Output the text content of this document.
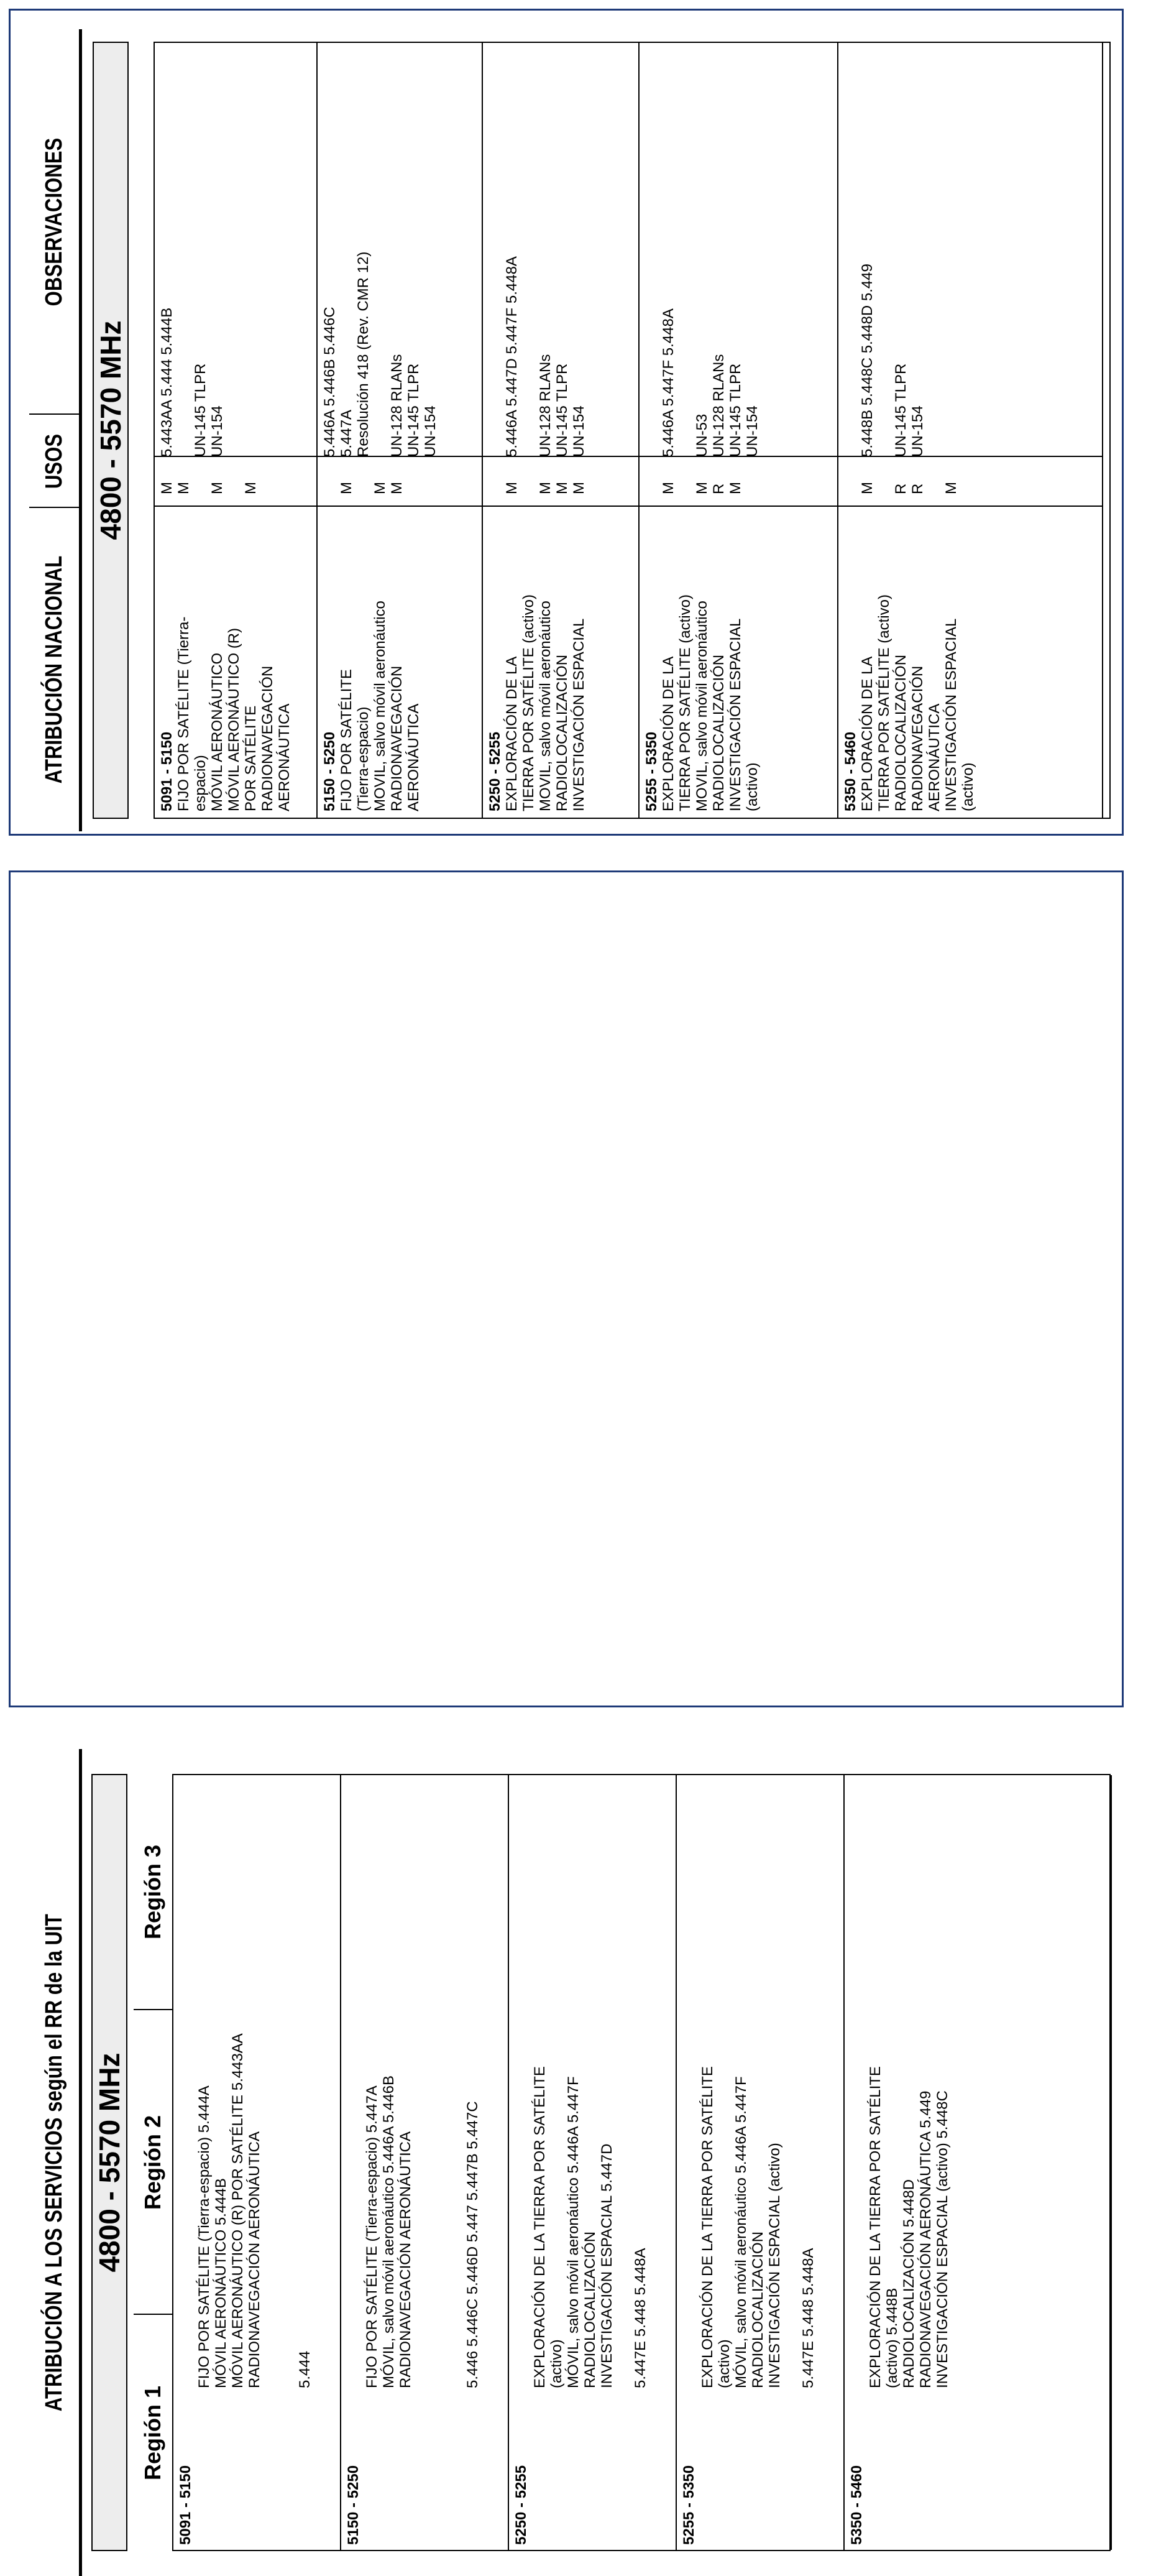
ATRIBUCIÓN NACIONAL
USOS
OBSERVACIONES
4800 - 5570 MHz
5091 - 5150 FIJO POR SATÉLITE (Tierra- espacio) MÓVIL AERONÁUTICO MÓVIL AERONÁUTICO (R) POR SATÉLITE RADIONAVEGACIÓN AERONÁUTICA
M M M M
5.443AA 5.444 5.444B UN-145 TLPR UN-154
5150 - 5250 FIJO POR SATÉLITE (Tierra-espacio) MOVIL, salvo móvil aeronáutico RADIONAVEGACIÓN AERONÁUTICA
M M M
5.446A 5.446B 5.446C 5.447A Resolución 418 (Rev. CMR 12) UN-128 RLANs UN-145 TLPR UN-154
5250 - 5255 EXPLORACIÓN DE LA TIERRA POR SATÉLITE (activo) MOVIL, salvo móvil aeronáutico RADIOLOCALIZACIÓN INVESTIGACIÓN ESPACIAL
M M M M
5.446A 5.447D 5.447F 5.448A UN-128 RLANs UN-145 TLPR UN-154
5255 - 5350 EXPLORACIÓN DE LA TIERRA POR SATÉLITE (activo) MOVIL, salvo móvil aeronáutico RADIOLOCALIZACIÓN INVESTIGACIÓN ESPACIAL (activo)
M M R M
5.446A 5.447F 5.448A UN-53 UN-128 RLANs UN-145 TLPR UN-154
5350 - 5460 EXPLORACIÓN DE LA TIERRA POR SATÉLITE (activo) RADIOLOCALIZACIÓN RADIONAVEGACIÓN AERONÁUTICA INVESTIGACIÓN ESPACIAL (activo)
M R R M
5.448B 5.448C 5.448D 5.449 UN-145 TLPR UN-154
ATRIBUCIÓN A LOS SERVICIOS según el RR de la UIT 4800 - 5570 MHz
Región 1
Región 2
Región 3
5091 - 5150
FIJO POR SATÉLITE (Tierra-espacio) 5.444A MÓVIL AERONÁUTICO 5.444B MÓVIL AERONÁUTICO (R) POR SATÉLITE 5.443AA RADIONAVEGACIÓN AERONÁUTICA 5.444
5150 - 5250
FIJO POR SATÉLITE (Tierra-espacio) 5.447A MÓVIL, salvo móvil aeronáutico 5.446A 5.446B RADIONAVEGACIÓN AERONÁUTICA	5.446 5.446C 5.446D 5.447 5.447B 5.447C
5250 - 5255
EXPLORACIÓN DE LA TIERRA POR SATÉLITE (activo) MÓVIL, salvo móvil aeronáutico 5.446A 5.447F RADIOLOCALIZACIÓN INVESTIGACIÓN ESPACIAL 5.447D 5.447E 5.448 5.448A
5255 - 5350
EXPLORACIÓN DE LA TIERRA POR SATÉLITE (activo) MÓVIL, salvo móvil aeronáutico 5.446A 5.447F RADIOLOCALIZACIÓN INVESTIGACIÓN ESPACIAL (activo) 5.447E 5.448 5.448A
5350 - 5460
EXPLORACIÓN DE LA TIERRA POR SATÉLITE (activo) 5.448B RADIOLOCALIZACIÓN 5.448D RADIONAVEGACIÓN AERONÁUTICA 5.449 INVESTIGACIÓN ESPACIAL (activo) 5.448C
